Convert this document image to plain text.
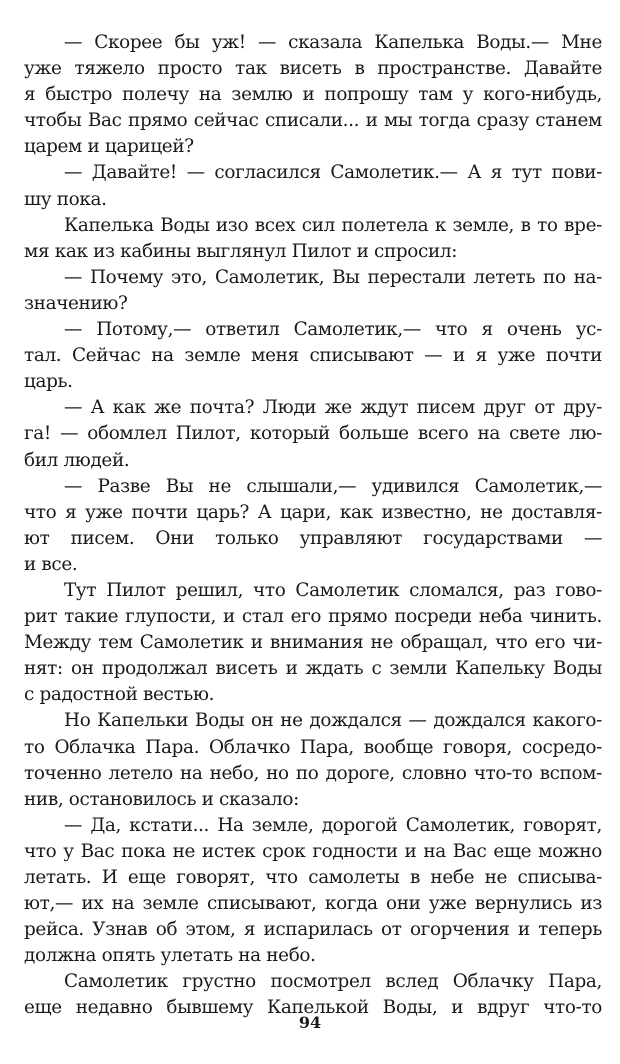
— Скорее бы уж! — сказала Капелька Воды.— Мне
уже тяжело просто так висеть в пространстве. Давайте
я быстро полечу на землю и попрошу там у кого-нибудь,
чтобы Вас прямо сейчас списали... и мы тогда сразу станем
царем и царицей?
— Давайте! — согласился Самолетик.— А я тут пови-
шу пока.
Капелька Воды изо всех сил полетела к земле, в то вре-
мя как из кабины выглянул Пилот и спросил:
— Почему это, Самолетик, Вы перестали лететь по на-
значению?
— Потому,— ответил Самолетик,— что я очень ус-
тал. Сейчас на земле меня списывают — и я уже почти
царь.
— А как же почта? Люди же ждут писем друг от дру-
га! — обомлел Пилот, который больше всего на свете лю-
бил людей.
— Разве Вы не слышали,— удивился Самолетик,—
что я уже почти царь? А цари, как известно, не доставля-
ют писем. Они только управляют государствами —
и все.
Тут Пилот решил, что Самолетик сломался, раз гово-
рит такие глупости, и стал его прямо посреди неба чинить.
Между тем Самолетик и внимания не обращал, что его чи-
нят: он продолжал висеть и ждать с земли Капельку Воды
с радостной вестью.
Но Капельки Воды он не дождался — дождался какого-
то Облачка Пара. Облачко Пара, вообще говоря, сосредо-
точенно летело на небо, но по дороге, словно что-то вспом-
нив, остановилось и сказало:
— Да, кстати... На земле, дорогой Самолетик, говорят,
что у Вас пока не истек срок годности и на Вас еще можно
летать. И еще говорят, что самолеты в небе не списыва-
ют,— их на земле списывают, когда они уже вернулись из
рейса. Узнав об этом, я испарилась от огорчения и теперь
должна опять улетать на небо.
Самолетик грустно посмотрел вслед Облачку Пара,
еще недавно бывшему Капелькой Воды, и вдруг что-то
94
